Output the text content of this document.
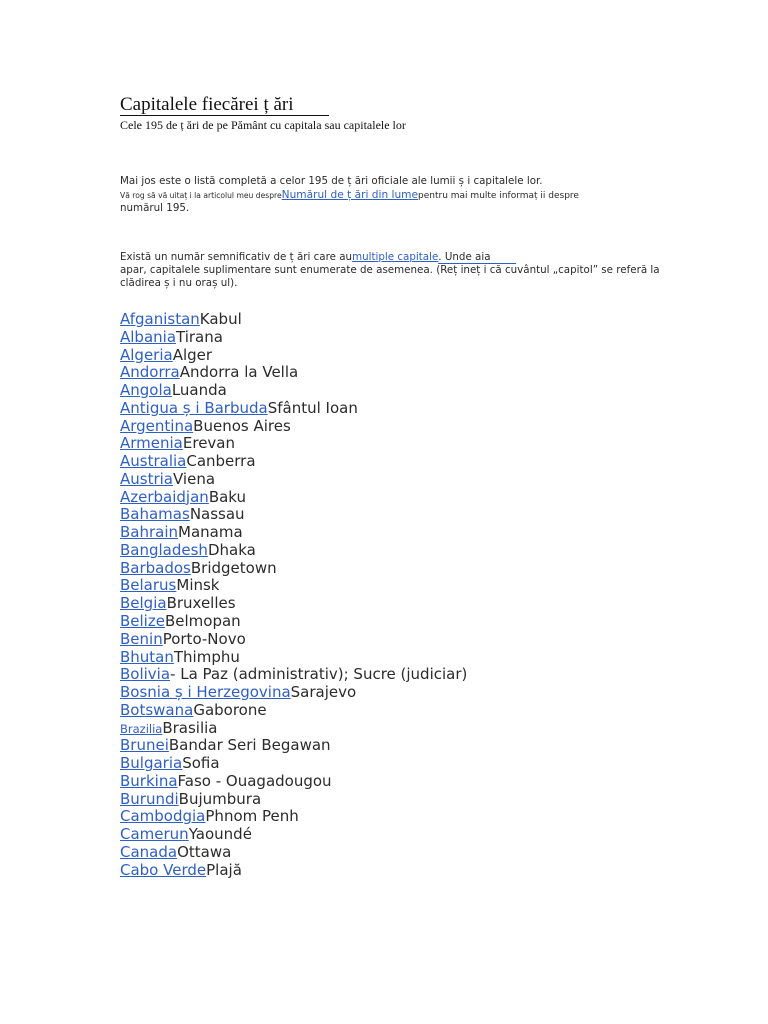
Capitalele fiecărei ț ări
Cele 195 de ț ări de pe Pământ cu capitala sau capitalele lor
Mai jos este o listă completă a celor 195 de ț ări oficiale ale lumii ș i capitalele lor.
Vă rog să vă uitaț i la articolul meu despreNumărul de ț ări din lumepentru mai multe informaț ii despre
numărul 195.
Există un număr semnificativ de ț ări care aumultiple capitale. Unde aia
apar, capitalele suplimentare sunt enumerate de asemenea. (Reț ineț i că cuvântul „capitol” se referă la
clădirea ș i nu oraș ul).
AfganistanKabul
AlbaniaTirana
AlgeriaAlger
AndorraAndorra la Vella
AngolaLuanda
Antigua ș i BarbudaSfântul Ioan
ArgentinaBuenos Aires
ArmeniaErevan
AustraliaCanberra
AustriaViena
AzerbaidjanBaku
BahamasNassau
BahrainManama
BangladeshDhaka
BarbadosBridgetown
BelarusMinsk
BelgiaBruxelles
BelizeBelmopan
BeninPorto-Novo
BhutanThimphu
Bolivia- La Paz (administrativ); Sucre (judiciar)
Bosnia ș i HerzegovinaSarajevo
BotswanaGaborone
BraziliaBrasilia
BruneiBandar Seri Begawan
BulgariaSofia
BurkinaFaso - Ouagadougou
BurundiBujumbura
CambodgiaPhnom Penh
CamerunYaoundé
CanadaOttawa
Cabo VerdePlajă
